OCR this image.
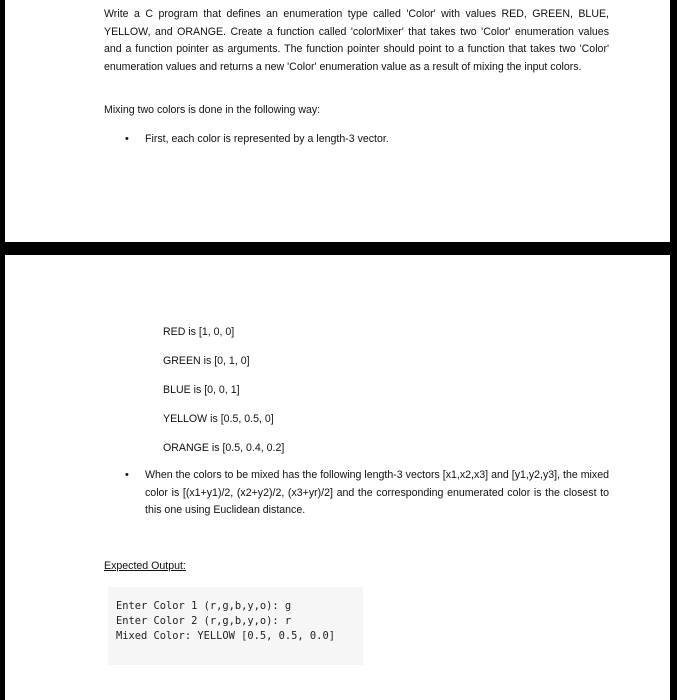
Write a C program that defines an enumeration type called 'Color' with values RED, GREEN, BLUE, YELLOW, and ORANGE. Create a function called 'colorMixer' that takes two 'Color' enumeration values and a function pointer as arguments. The function pointer should point to a function that takes two 'Color' enumeration values and returns a new 'Color' enumeration value as a result of mixing the input colors.

Mixing two colors is done in the following way:

•	First, each color is represented by a length-3 vector.
RED is [1, 0, 0]
GREEN is [0, 1, 0]
BLUE is [0, 0, 1]
YELLOW is [0.5, 0.5, 0]
ORANGE is [0.5, 0.4, 0.2]
•	When the colors to be mixed has the following length-3 vectors [x1,x2,x3] and [y1,y2,y3], the mixed color is [(x1+y1)/2, (x2+y2)/2, (x3+yr)/2] and the corresponding enumerated color is the closest to this one using Euclidean distance.
Expected Output:
Enter Color 1 (r,g,b,y,o): g
Enter Color 2 (r,g,b,y,o): r
Mixed Color: YELLOW [0.5, 0.5, 0.0]
